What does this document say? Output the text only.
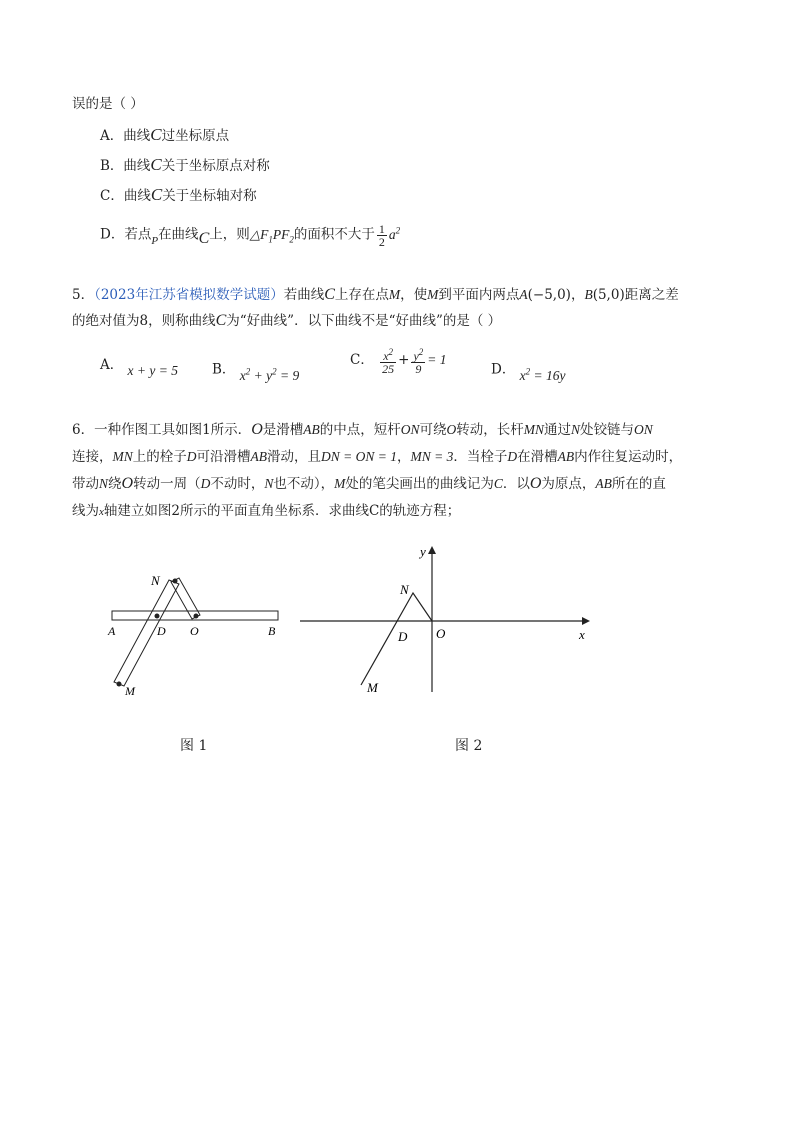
误的是（ ）
A．曲线C过坐标原点
B．曲线C关于坐标原点对称
C．曲线C关于坐标轴对称
D．若点$_P$在曲线C上，则$\triangle F_1PF_2$的面积不大于 $\frac{1}{2} a^2$
5．（2023年江苏省模拟数学试题）若曲线C上存在点M，使M到平面内两点A(−5,0)，B(5,0)距离之差
的绝对值为8，则称曲线C为“好曲线”．以下曲线不是“好曲线”的是（ ）
A． x + y = 5	B． $x^2 + y^2 = 9$
C． $\frac{x^2}{25} + \frac{y^2}{9} = 1$
D． $x^2 = 16y$
6．一种作图工具如图1所示．O是滑槽AB的中点，短杆ON可绕O转动，长杆MN通过N处铰链与ON
连接，MN上的栓子D可沿滑槽AB滑动，且DN = ON = 1，MN = 3．当栓子D在滑槽AB内作往复运动时，
带动N绕O转动一周（D不动时，N也不动），M处的笔尖画出的曲线记为C．以O为原点，AB所在的直
线为x轴建立如图2所示的平面直角坐标系．求曲线C的轨迹方程；
N
A	D O	B
M
图 1
y
x
N
D O
M
图 2
